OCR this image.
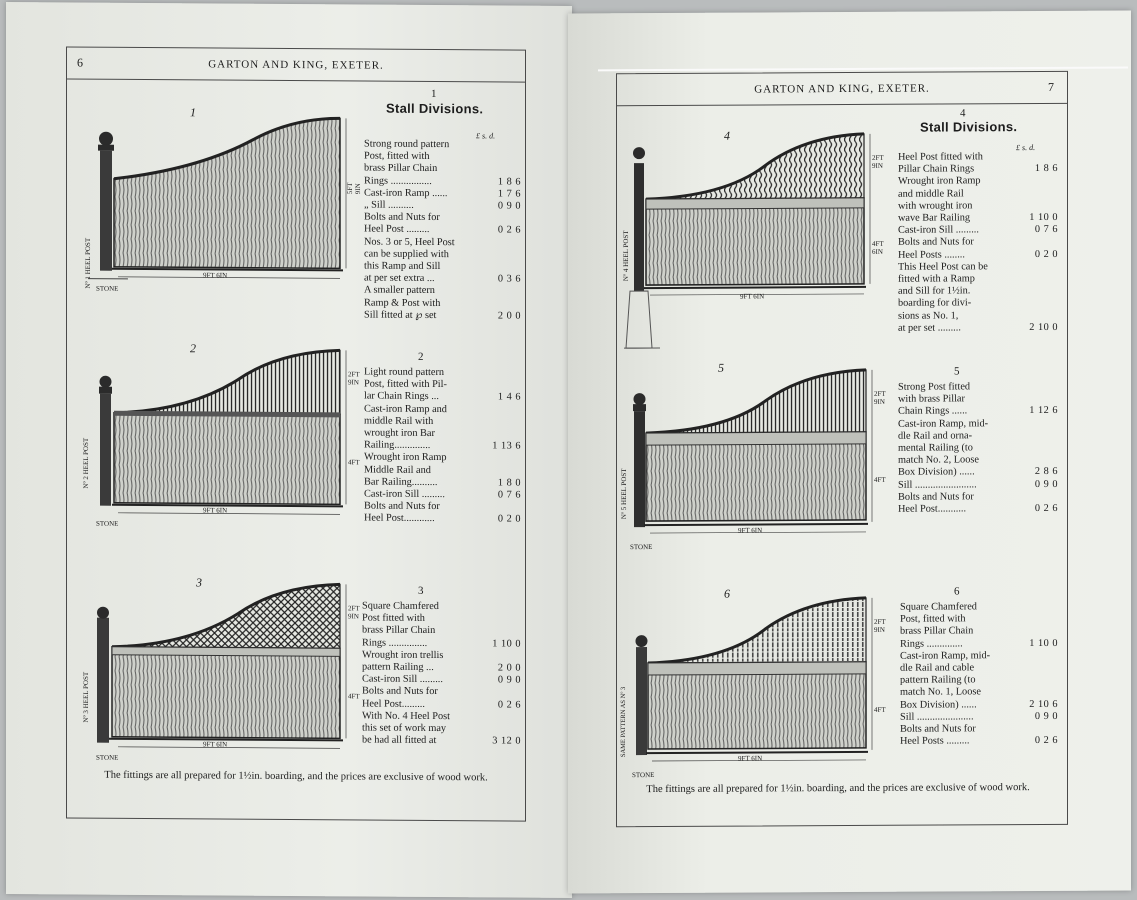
6	GARTON AND KING, EXETER.
1
Stall Divisions.
£ s. d.
1
Nº 1 HEEL POST
5FT 9IN
9FT 6IN
STONE
2
2FT 9IN
4FT
Nº 2 HEEL POST
9FT 6IN
STONE
3
2FT 9IN
4FT
Nº 3 HEEL POST
9FT 6IN
STONE
Strong round pattern
Post, fitted with
brass Pillar Chain
Rings ................	1 8 6
Cast-iron Ramp ......	1 7 6
„ Sill ..........	0 9 0
Bolts and Nuts for
Heel Post .........	0 2 6
Nos. 3 or 5, Heel Post
can be supplied with
this Ramp and Sill
at per set extra ...	0 3 6
A smaller pattern
Ramp & Post with
Sill fitted at ℘ set	2 0 0
2
Light round pattern
Post, fitted with Pil-
lar Chain Rings ...	1 4 6
Cast-iron Ramp and
middle Rail with
wrought iron Bar
Railing..............	1 13 6
Wrought iron Ramp
Middle Rail and
Bar Railing..........	1 8 0
Cast-iron Sill .........	0 7 6
Bolts and Nuts for
Heel Post............	0 2 0
3
Square Chamfered
Post fitted with
brass Pillar Chain
Rings ...............	1 10 0
Wrought iron trellis
pattern Railing ...	2 0 0
Cast-iron Sill .........	0 9 0
Bolts and Nuts for
Heel Post.........	0 2 6
With No. 4 Heel Post
this set of work may
be had all fitted at	3 12 0
The fittings are all prepared for 1½in. boarding, and the prices are exclusive of wood work.
GARTON AND KING, EXETER.	7
4
Stall Divisions.
£ s. d.
4
2FT 9IN
4FT 6IN
Nº 4 HEEL POST
9FT 6IN
5
2FT 9IN
4FT
Nº 5 HEEL POST
9FT 6IN
STONE
6
2FT 9IN
4FT
SAME PATTERN AS Nº 3
9FT 6IN
STONE
Heel Post fitted with
Pillar Chain Rings	1 8 6
Wrought iron Ramp
and middle Rail
with wrought iron
wave Bar Railing	1 10 0
Cast-iron Sill .........	0 7 6
Bolts and Nuts for
Heel Posts ........	0 2 0
This Heel Post can be
fitted with a Ramp
and Sill for 1½in.
boarding for divi-
sions as No. 1,
at per set .........	2 10 0
5
Strong Post fitted
with brass Pillar
Chain Rings ......	1 12 6
Cast-iron Ramp, mid-
dle Rail and orna-
mental Railing (to
match No. 2, Loose
Box Division) ......	2 8 6
Sill ........................	0 9 0
Bolts and Nuts for
Heel Post...........	0 2 6
6
Square Chamfered
Post, fitted with
brass Pillar Chain
Rings ..............	1 10 0
Cast-iron Ramp, mid-
dle Rail and cable
pattern Railing (to
match No. 1, Loose
Box Division) ......	2 10 6
Sill ......................	0 9 0
Bolts and Nuts for
Heel Posts .........	0 2 6
The fittings are all prepared for 1½in. boarding, and the prices are exclusive of wood work.
